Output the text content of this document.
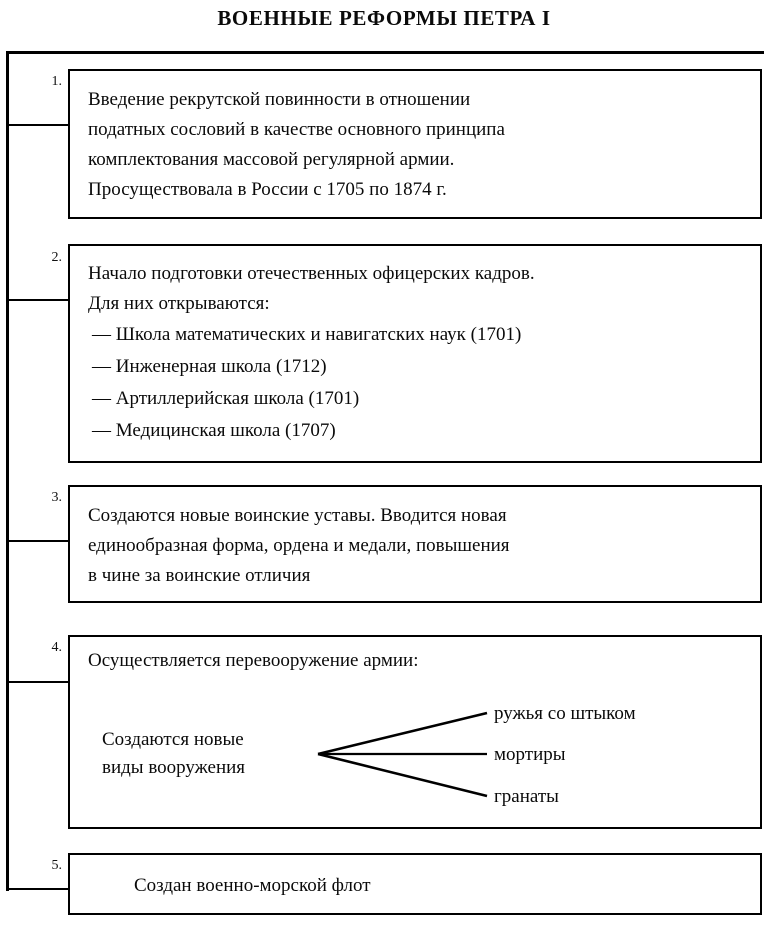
ВОЕННЫЕ РЕФОРМЫ ПЕТРА I
1.
Введение рекрутской повинности в отношении
податных сословий в качестве основного принципа
комплектования массовой регулярной армии.
Просуществовала в России с 1705 по 1874 г.
2.
Начало подготовки отечественных офицерских кадров.
Для них открываются:
— Школа математических и навигатских наук (1701)
— Инженерная школа (1712)
— Артиллерийская школа (1701)
— Медицинская школа (1707)
3.
Создаются новые воинские уставы. Вводится новая
единообразная форма, ордена и медали, повышения
в чине за воинские отличия
4.
Осуществляется перевооружение армии:
Создаются новые
виды вооружения
ружья со штыком
мортиры
гранаты
5.
Создан военно-морской флот
